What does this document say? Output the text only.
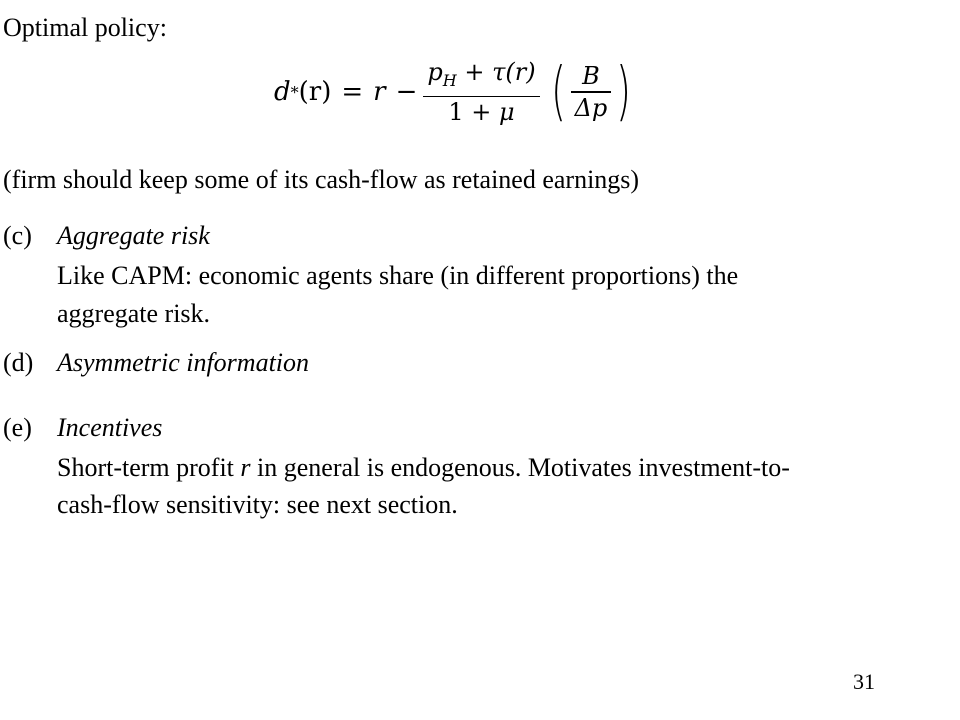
Optimal policy:

$d * (r) = r - \frac{p_H + \tau(r)}{1 + \mu}$ ( $\frac{B}{\Delta p}$ )

(firm should keep some of its cash-flow as retained earnings)

(c) Aggregate risk

Like CAPM: economic agents share (in different proportions) the

aggregate risk.

(d) Asymmetric information

(e) Incentives

Short-term profit r in general is endogenous. Motivates investment-to-

cash-flow sensitivity: see next section.

31
